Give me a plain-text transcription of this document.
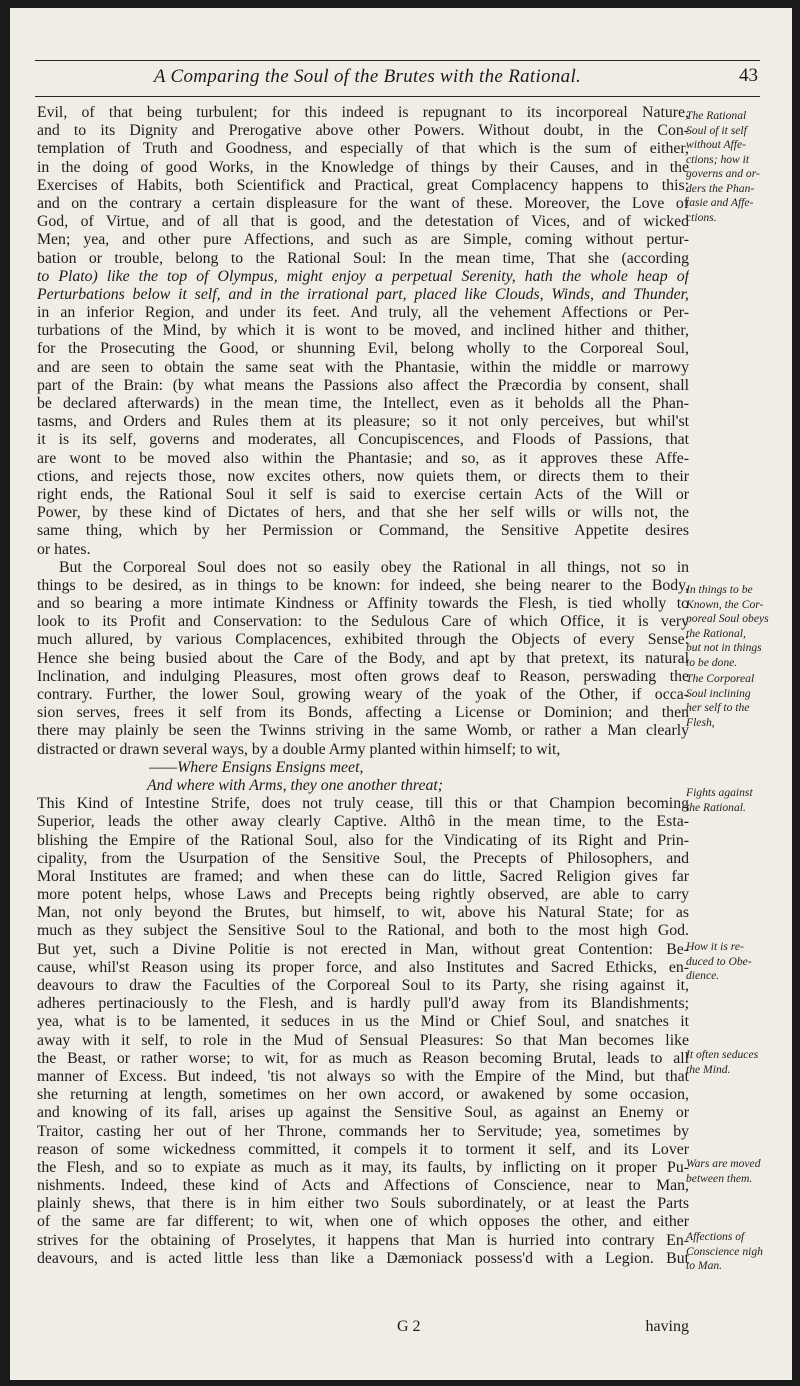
A Comparing the Soul of the Brutes with the Rational.	43
Evil, of that being turbulent; for this indeed is repugnant to its incorporeal Nature,
and to its Dignity and Prerogative above other Powers. Without doubt, in the Con-
templation of Truth and Goodness, and especially of that which is the sum of either,
in the doing of good Works, in the Knowledge of things by their Causes, and in the
Exercises of Habits, both Scientifick and Practical, great Complacency happens to this;
and on the contrary a certain displeasure for the want of these. Moreover, the Love of
God, of Virtue, and of all that is good, and the detestation of Vices, and of wicked
Men; yea, and other pure Affections, and such as are Simple, coming without pertur-
bation or trouble, belong to the Rational Soul: In the mean time, That she (according
to Plato) like the top of Olympus, might enjoy a perpetual Serenity, hath the whole heap of
Perturbations below it self, and in the irrational part, placed like Clouds, Winds, and Thunder,
in an inferior Region, and under its feet. And truly, all the vehement Affections or Per-
turbations of the Mind, by which it is wont to be moved, and inclined hither and thither,
for the Prosecuting the Good, or shunning Evil, belong wholly to the Corporeal Soul,
and are seen to obtain the same seat with the Phantasie, within the middle or marrowy
part of the Brain: (by what means the Passions also affect the Præcordia by consent, shall
be declared afterwards) in the mean time, the Intellect, even as it beholds all the Phan-
tasms, and Orders and Rules them at its pleasure; so it not only perceives, but whil'st
it is its self, governs and moderates, all Concupiscences, and Floods of Passions, that
are wont to be moved also within the Phantasie; and so, as it approves these Affe-
ctions, and rejects those, now excites others, now quiets them, or directs them to their
right ends, the Rational Soul it self is said to exercise certain Acts of the Will or
Power, by these kind of Dictates of hers, and that she her self wills or wills not, the
same thing, which by her Permission or Command, the Sensitive Appetite desires
or hates.
But the Corporeal Soul does not so easily obey the Rational in all things, not so in
things to be desired, as in things to be known: for indeed, she being nearer to the Body,
and so bearing a more intimate Kindness or Affinity towards the Flesh, is tied wholly to
look to its Profit and Conservation: to the Sedulous Care of which Office, it is very
much allured, by various Complacences, exhibited through the Objects of every Sense:
Hence she being busied about the Care of the Body, and apt by that pretext, its natural
Inclination, and indulging Pleasures, most often grows deaf to Reason, perswading the
contrary. Further, the lower Soul, growing weary of the yoak of the Other, if occa-
sion serves, frees it self from its Bonds, affecting a License or Dominion; and then
there may plainly be seen the Twinns striving in the same Womb, or rather a Man clearly
distracted or drawn several ways, by a double Army planted within himself; to wit,
——Where Ensigns Ensigns meet,
And where with Arms, they one another threat;
This Kind of Intestine Strife, does not truly cease, till this or that Champion becoming
Superior, leads the other away clearly Captive. Althô in the mean time, to the Esta-
blishing the Empire of the Rational Soul, also for the Vindicating of its Right and Prin-
cipality, from the Usurpation of the Sensitive Soul, the Precepts of Philosophers, and
Moral Institutes are framed; and when these can do little, Sacred Religion gives far
more potent helps, whose Laws and Precepts being rightly observed, are able to carry
Man, not only beyond the Brutes, but himself, to wit, above his Natural State; for as
much as they subject the Sensitive Soul to the Rational, and both to the most high God.
But yet, such a Divine Politie is not erected in Man, without great Contention: Be-
cause, whil'st Reason using its proper force, and also Institutes and Sacred Ethicks, en-
deavours to draw the Faculties of the Corporeal Soul to its Party, she rising against it,
adheres pertinaciously to the Flesh, and is hardly pull'd away from its Blandishments;
yea, what is to be lamented, it seduces in us the Mind or Chief Soul, and snatches it
away with it self, to role in the Mud of Sensual Pleasures: So that Man becomes like
the Beast, or rather worse; to wit, for as much as Reason becoming Brutal, leads to all
manner of Excess. But indeed, 'tis not always so with the Empire of the Mind, but that
she returning at length, sometimes on her own accord, or awakened by some occasion,
and knowing of its fall, arises up against the Sensitive Soul, as against an Enemy or
Traitor, casting her out of her Throne, commands her to Servitude; yea, sometimes by
reason of some wickedness committed, it compels it to torment it self, and its Lover
the Flesh, and so to expiate as much as it may, its faults, by inflicting on it proper Pu-
nishments. Indeed, these kind of Acts and Affections of Conscience, near to Man,
plainly shews, that there is in him either two Souls subordinately, or at least the Parts
of the same are far different; to wit, when one of which opposes the other, and either
strives for the obtaining of Proselytes, it happens that Man is hurried into contrary En-
deavours, and is acted little less than like a Dæmoniack possess'd with a Legion. But
The Rational
Soul of it self
without Affe-
ctions; how it
governs and or-
ders the Phan-
tasie and Affe-
ctions.
In things to be
Known, the Cor-
poreal Soul obeys
the Rational,
but not in things
to be done.
The Corporeal
Soul inclining
her self to the
Flesh,
Fights against
the Rational.
How it is re-
duced to Obe-
dience.
It often seduces
the Mind.
Wars are moved
between them.
Affections of
Conscience nigh
to Man.
G 2	having
